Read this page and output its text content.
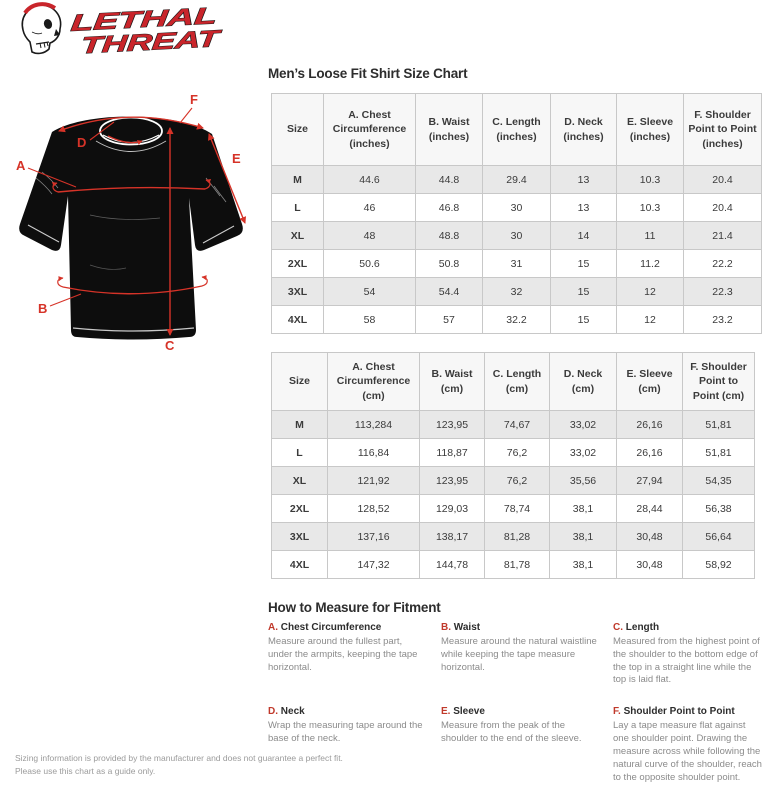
LETHAL
THREAT
A
B
C
D
E
F
Men’s Loose Fit Shirt Size Chart
Size	A. Chest Circumference (inches)	B. Waist (inches)	C. Length (inches)	D. Neck (inches)	E. Sleeve (inches)	F. Shoulder Point to Point (inches)
M	44.6	44.8	29.4	13	10.3	20.4
L	46	46.8	30	13	10.3	20.4
XL	48	48.8	30	14	11	21.4
2XL	50.6	50.8	31	15	11.2	22.2
3XL	54	54.4	32	15	12	22.3
4XL	58	57	32.2	15	12	23.2
Size	A. Chest Circumference (cm)	B. Waist (cm)	C. Length (cm)	D. Neck (cm)	E. Sleeve (cm)	F. Shoulder Point to Point (cm)
M	113,284	123,95	74,67	33,02	26,16	51,81
L	116,84	118,87	76,2	33,02	26,16	51,81
XL	121,92	123,95	76,2	35,56	27,94	54,35
2XL	128,52	129,03	78,74	38,1	28,44	56,38
3XL	137,16	138,17	81,28	38,1	30,48	56,64
4XL	147,32	144,78	81,78	38,1	30,48	58,92
How to Measure for Fitment
A. Chest Circumference
Measure around the fullest part, under the armpits, keeping the tape horizontal.
B. Waist
Measure around the natural waistline while keeping the tape measure horizontal.
C. Length
Measured from the highest point of the shoulder to the bottom edge of the top in a straight line while the top is laid flat.
D. Neck
Wrap the measuring tape around the base of the neck.
E. Sleeve
Measure from the peak of the shoulder to the end of the sleeve.
F. Shoulder Point to Point
Lay a tape measure flat against one shoulder point. Drawing the measure across while following the natural curve of the shoulder, reach to the opposite shoulder point.
Sizing information is provided by the manufacturer and does not guarantee a perfect fit.
Please use this chart as a guide only.
